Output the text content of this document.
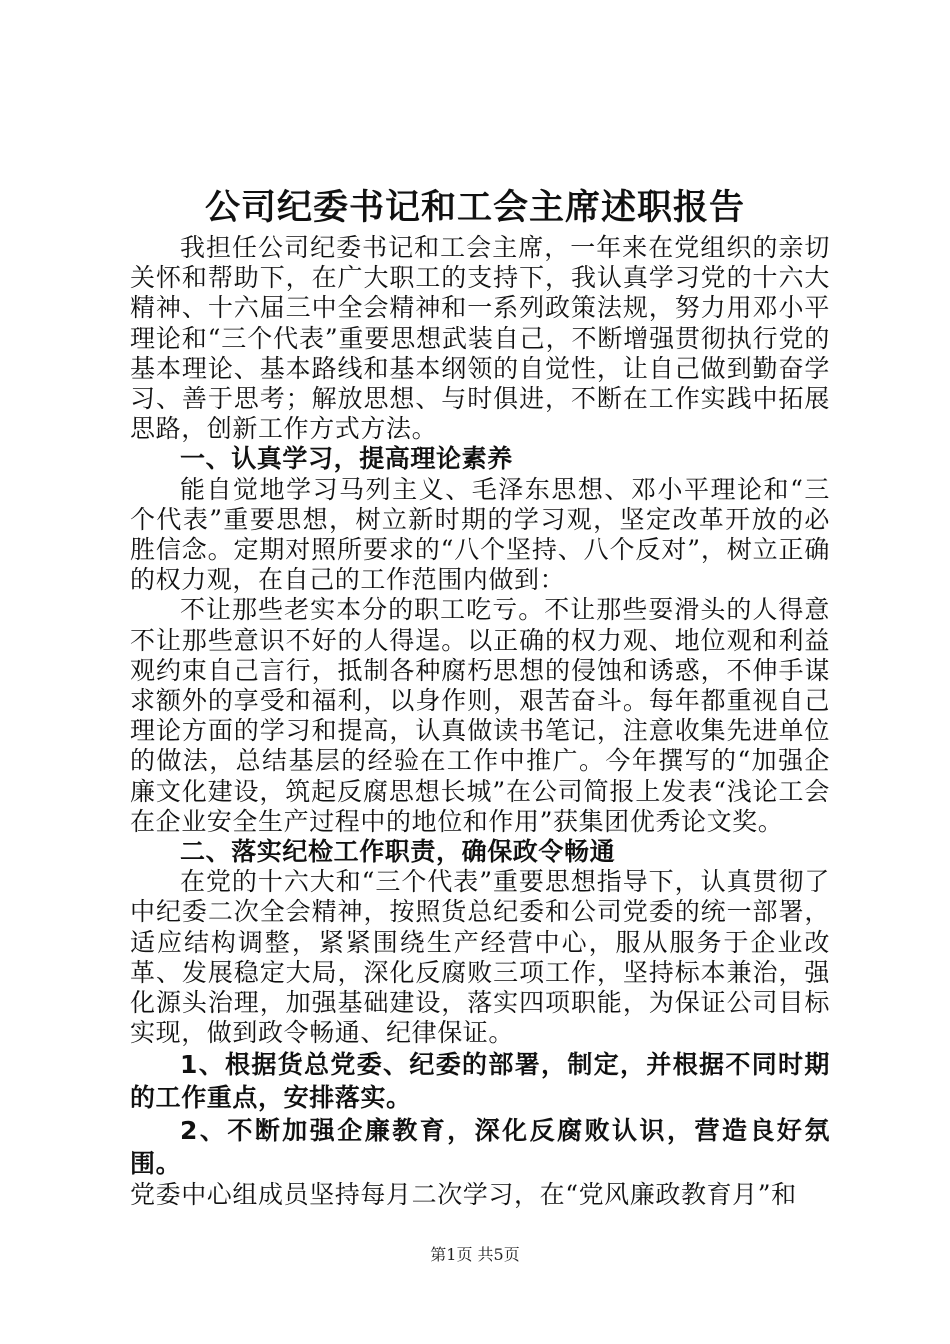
公司纪委书记和工会主席述职报告

我担任公司纪委书记和工会主席，一年来在党组织的亲切关怀和帮助下，在广大职工的支持下，我认真学习党的十六大精神、十六届三中全会精神和一系列政策法规，努力用邓小平理论和“三个代表”重要思想武装自己，不断增强贯彻执行党的基本理论、基本路线和基本纲领的自觉性，让自己做到勤奋学习、善于思考；解放思想、与时俱进，不断在工作实践中拓展思路，创新工作方式方法。

一、认真学习，提高理论素养

能自觉地学习马列主义、毛泽东思想、邓小平理论和“三个代表”重要思想，树立新时期的学习观，坚定改革开放的必胜信念。定期对照所要求的“八个坚持、八个反对”，树立正确的权力观，在自己的工作范围内做到：

不让那些老实本分的职工吃亏。不让那些耍滑头的人得意不让那些意识不好的人得逞。以正确的权力观、地位观和利益观约束自己言行，抵制各种腐朽思想的侵蚀和诱惑，不伸手谋求额外的享受和福利，以身作则，艰苦奋斗。每年都重视自己理论方面的学习和提高，认真做读书笔记，注意收集先进单位的做法，总结基层的经验在工作中推广。今年撰写的“加强企廉文化建设，筑起反腐思想长城”在公司简报上发表“浅论工会在企业安全生产过程中的地位和作用”获集团优秀论文奖。

二、落实纪检工作职责，确保政令畅通

在党的十六大和“三个代表”重要思想指导下，认真贯彻了中纪委二次全会精神，按照货总纪委和公司党委的统一部署，适应结构调整，紧紧围绕生产经营中心，服从服务于企业改革、发展稳定大局，深化反腐败三项工作，坚持标本兼治，强化源头治理，加强基础建设，落实四项职能，为保证公司目标实现，做到政令畅通、纪律保证。

1、根据货总党委、纪委的部署，制定，并根据不同时期的工作重点，安排落实。

2、不断加强企廉教育，深化反腐败认识，营造良好氛围。

党委中心组成员坚持每月二次学习，在“党风廉政教育月”和

第1页 共5页
